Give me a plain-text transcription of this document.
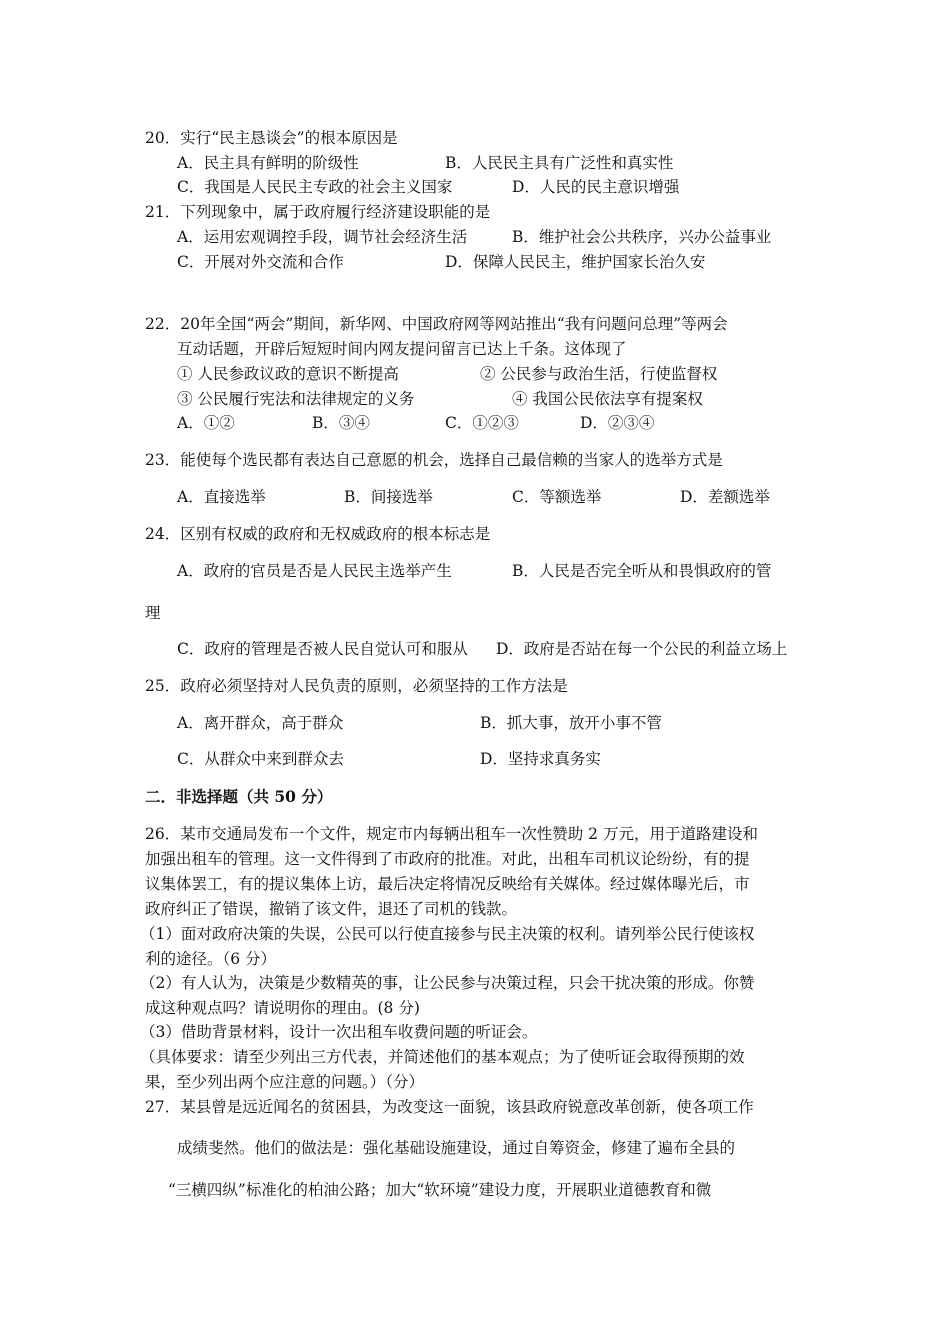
20．实行“民主恳谈会”的根本原因是
A．民主具有鲜明的阶级性	B．人民民主具有广泛性和真实性
C．我国是人民民主专政的社会主义国家	D．人民的民主意识增强
21．下列现象中，属于政府履行经济建设职能的是
A．运用宏观调控手段，调节社会经济生活	B．维护社会公共秩序，兴办公益事业
C．开展对外交流和合作	D．保障人民民主，维护国家长治久安
22．20年全国“两会”期间，新华网、中国政府网等网站推出“我有问题问总理”等两会
互动话题，开辟后短短时间内网友提问留言已达上千条。这体现了
① 人民参政议政的意识不断提高	② 公民参与政治生活，行使监督权
③ 公民履行宪法和法律规定的义务	④ 我国公民依法享有提案权
A．①②	B．③④	C．①②③	D．②③④
23．能使每个选民都有表达自己意愿的机会，选择自己最信赖的当家人的选举方式是
A．直接选举	B．间接选举	C．等额选举	D．差额选举
24．区别有权威的政府和无权威政府的根本标志是
A．政府的官员是否是人民民主选举产生	B．人民是否完全听从和畏惧政府的管
理
C．政府的管理是否被人民自觉认可和服从 D．政府是否站在每一个公民的利益立场上
25．政府必须坚持对人民负责的原则，必须坚持的工作方法是
A．离开群众，高于群众	B．抓大事，放开小事不管
C．从群众中来到群众去	D．坚持求真务实
二．非选择题（共 50 分）
26．某市交通局发布一个文件，规定市内每辆出租车一次性赞助 2 万元，用于道路建设和
加强出租车的管理。这一文件得到了市政府的批准。对此，出租车司机议论纷纷，有的提
议集体罢工，有的提议集体上访，最后决定将情况反映给有关媒体。经过媒体曝光后，市
政府纠正了错误，撤销了该文件，退还了司机的钱款。
（1）面对政府决策的失误，公民可以行使直接参与民主决策的权利。请列举公民行使该权
利的途径。（6 分）
（2）有人认为，决策是少数精英的事，让公民参与决策过程，只会干扰决策的形成。你赞
成这种观点吗？请说明你的理由。(8 分)
（3）借助背景材料，设计一次出租车收费问题的听证会。
（具体要求：请至少列出三方代表，并简述他们的基本观点；为了使听证会取得预期的效
果，至少列出两个应注意的问题。）（分）
27．某县曾是远近闻名的贫困县，为改变这一面貌，该县政府锐意改革创新，使各项工作
成绩斐然。他们的做法是：强化基础设施建设，通过自筹资金，修建了遍布全县的
“三横四纵”标准化的柏油公路；加大“软环境”建设力度，开展职业道德教育和微
